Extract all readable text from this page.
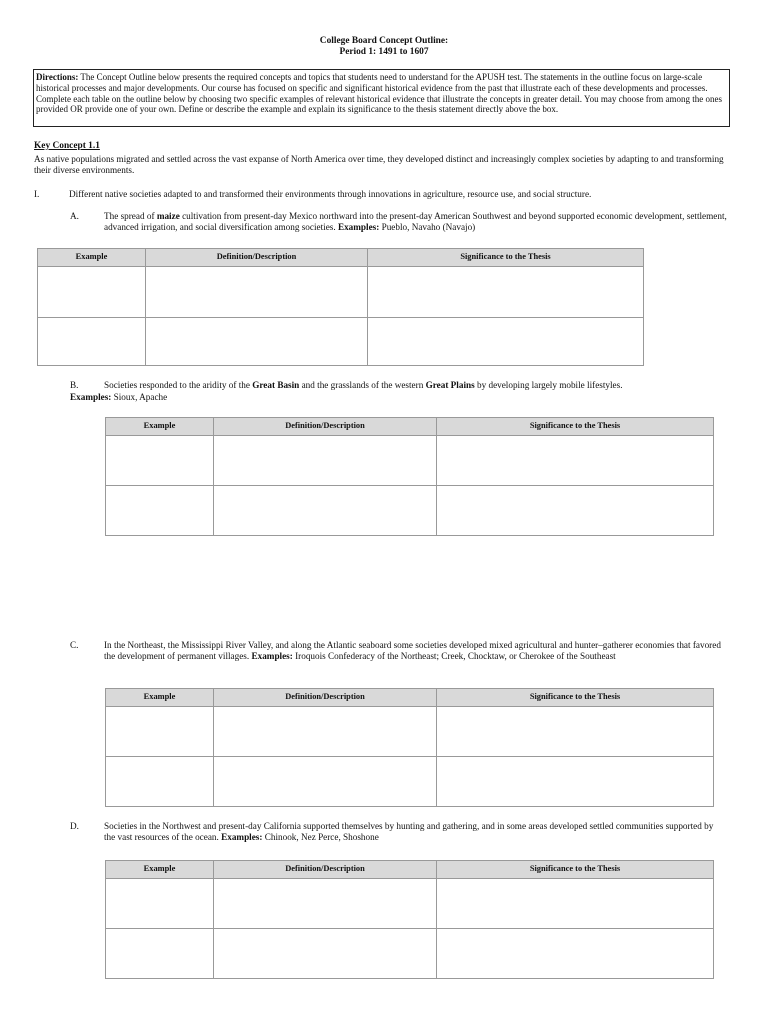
College Board Concept Outline:
Period 1: 1491 to 1607
Directions: The Concept Outline below presents the required concepts and topics that students need to understand for the APUSH test. The statements in the outline focus on large-scale historical processes and major developments. Our course has focused on specific and significant historical evidence from the past that illustrate each of these developments and processes. Complete each table on the outline below by choosing two specific examples of relevant historical evidence that illustrate the concepts in greater detail. You may choose from among the ones provided OR provide one of your own. Define or describe the example and explain its significance to the thesis statement directly above the box.
Key Concept 1.1
As native populations migrated and settled across the vast expanse of North America over time, they developed distinct and increasingly complex societies by adapting to and transforming their diverse environments.
I.	Different native societies adapted to and transformed their environments through innovations in agriculture, resource use, and social structure.
A.	The spread of maize cultivation from present-day Mexico northward into the present-day American Southwest and beyond supported economic development, settlement, advanced irrigation, and social diversification among societies. Examples: Pueblo, Navaho (Navajo)
Example	Definition/Description	Significance to the Thesis

B.	Societies responded to the aridity of the Great Basin and the grasslands of the western Great Plains by developing largely mobile lifestyles.
Examples: Sioux, Apache
Example	Definition/Description	Significance to the Thesis

C.	In the Northeast, the Mississippi River Valley, and along the Atlantic seaboard some societies developed mixed agricultural and hunter–gatherer economies that favored the development of permanent villages. Examples: Iroquois Confederacy of the Northeast; Creek, Chocktaw, or Cherokee of the Southeast
Example	Definition/Description	Significance to the Thesis

D.	Societies in the Northwest and present-day California supported themselves by hunting and gathering, and in some areas developed settled communities supported by the vast resources of the ocean. Examples: Chinook, Nez Perce, Shoshone
Example	Definition/Description	Significance to the Thesis
